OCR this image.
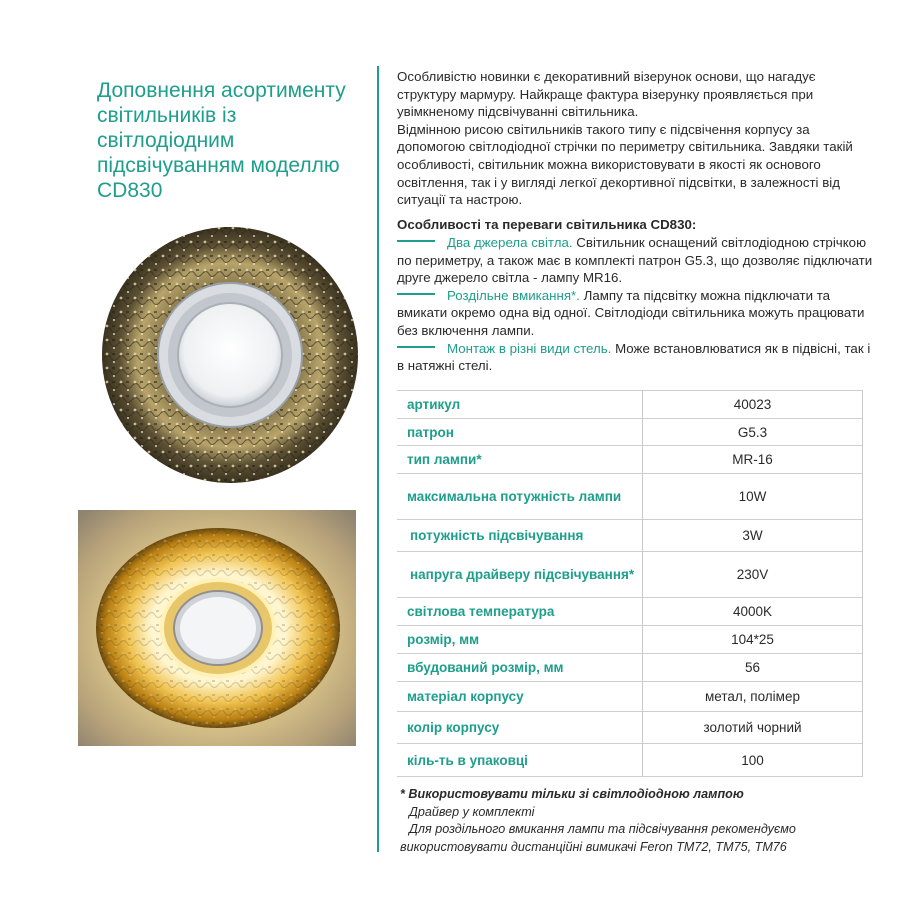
Доповнення асортименту світильників із світлодіодним підсвічуванням моделлю CD830

Особливістю новинки є декоративний візерунок основи, що нагадує структуру мармуру. Найкраще фактура візерунку проявляється при увімкненому підсвічуванні світильника.

Відмінною рисою світильників такого типу є підсвічення корпусу за допомогою світлодіодної стрічки по периметру світильника. Завдяки такій особливості, світильник можна використовувати в якості як основого освітлення, так і у вигляді легкої декортивної підсвітки, в залежності від ситуації та настрою.

Особливості та переваги світильника CD830:

Два джерела світла. Світильник оснащений світлодіодною стрічкою по периметру, а також має в комплекті патрон G5.3, що дозволяє підключати друге джерело світла - лампу MR16.

Роздільне вмикання*. Лампу та підсвітку можна підключати та вмикати окремо одна від одної. Світлодіоди світильника можуть працювати без включення лампи.

Монтаж в різні види стель. Може встановлюватися як в підвісні, так і в натяжні стелі.

артикул	40023
патрон	G5.3
тип лампи*	MR-16
максимальна потужність лампи	10W
потужність підсвічування	3W
напруга драйверу підсвічування*	230V
світлова температура	4000K
розмір, мм	104*25
вбудований розмір, мм	56
матеріал корпусу	метал, полімер
колір корпусу	золотий чорний
кіль-ть в упаковці	100

* Використовувати тільки зі світлодіодною лампою

Драйвер у комплекті

Для роздільного вмикання лампи та підсвічування рекомендуємо використовувати дистанційні вимикачі Feron TM72, TM75, TM76
